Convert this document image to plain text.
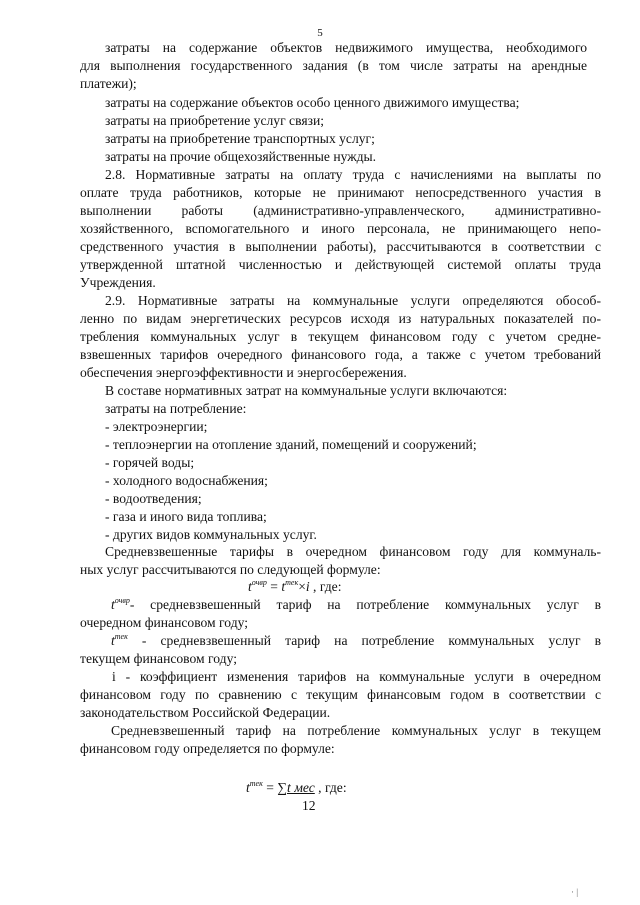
5
затраты на содержание объектов недвижимого имущества, необходимого
для выполнения государственного задания (в том числе затраты на арендные
платежи);
затраты на содержание объектов особо ценного движимого имущества;
затраты на приобретение услуг связи;
затраты на приобретение транспортных услуг;
затраты на прочие общехозяйственные нужды.
2.8. Нормативные затраты на оплату труда с начислениями на выплаты по
оплате труда работников, которые не принимают непосредственного участия в
выполнении работы (административно-управленческого, административно-
хозяйственного, вспомогательного и иного персонала, не принимающего непо-
средственного участия в выполнении работы), рассчитываются в соответствии с
утвержденной штатной численностью и действующей системой оплаты труда
Учреждения.
2.9. Нормативные затраты на коммунальные услуги определяются обособ-
ленно по видам энергетических ресурсов исходя из натуральных показателей по-
требления коммунальных услуг в текущем финансовом году с учетом средне-
взвешенных тарифов очередного финансового года, а также с учетом требований
обеспечения энергоэффективности и энергосбережения.
В составе нормативных затрат на коммунальные услуги включаются:
затраты на потребление:
- электроэнергии;
- теплоэнергии на отопление зданий, помещений и сооружений;
- горячей воды;
- холодного водоснабжения;
- водоотведения;
- газа и иного вида топлива;
- других видов коммунальных услуг.
Средневзвешенные тарифы в очередном финансовом году для коммуналь-
ных услуг рассчитываются по следующей формуле:
$t^{очвр} = t^{тек}\times i$ , где:
$t^{очвр}-$ средневзвешенный тариф на потребление коммунальных услуг в
очередном финансовом году;
$t^{тек}$ - средневзвешенный тариф на потребление коммунальных услуг в
текущем финансовом году;
i - коэффициент изменения тарифов на коммунальные услуги в очередном
финансовом году по сравнению с текущим финансовым годом в соответствии с
законодательством Российской Федерации.
Средневзвешенный тариф на потребление коммунальных услуг в текущем
финансовом году определяется по формуле:
$t^{тек} = \sum t$ мес , где:
12
· |
